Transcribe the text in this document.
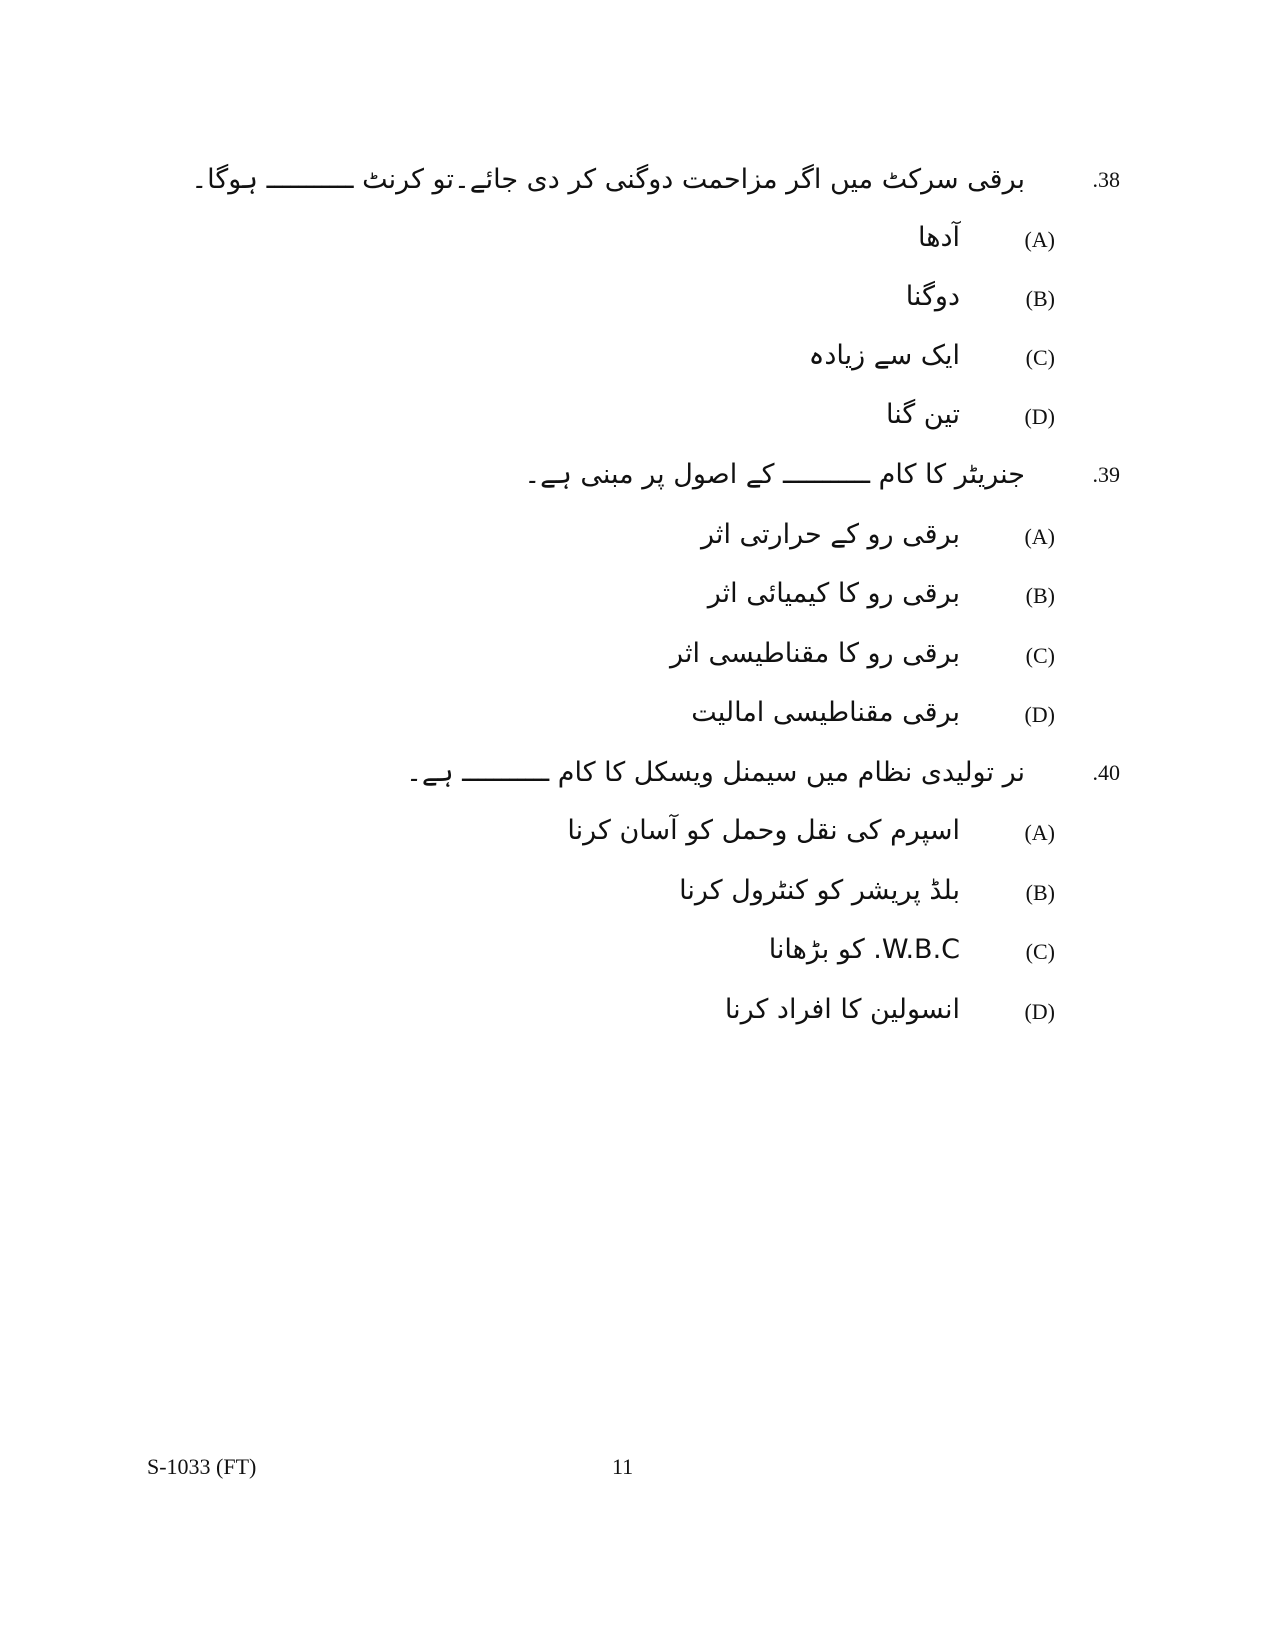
.38
برقی سرکٹ میں اگر مزاحمت دوگنی کر دی جائے۔تو کرنٹ ـــــــــــ ہوگا۔
(A)
آدھا
(B)
دوگنا
(C)
ایک سے زیادہ
(D)
تین گنا
.39
جنریٹر کا کام ـــــــــــ کے اصول پر مبنی ہے۔
(A)
برقی رو کے حرارتی اثر
(B)
برقی رو کا کیمیائی اثر
(C)
برقی رو کا مقناطیسی اثر
(D)
برقی مقناطیسی امالیت
.40
نر تولیدی نظام میں سیمنل ویسکل کا کام ـــــــــــ ہے۔
(A)
اسپرم کی نقل وحمل کو آسان کرنا
(B)
بلڈ پریشر کو کنٹرول کرنا
(C)
W.B.C. کو بڑھانا
(D)
انسولین کا افراد کرنا
S-1033 (FT)	11
